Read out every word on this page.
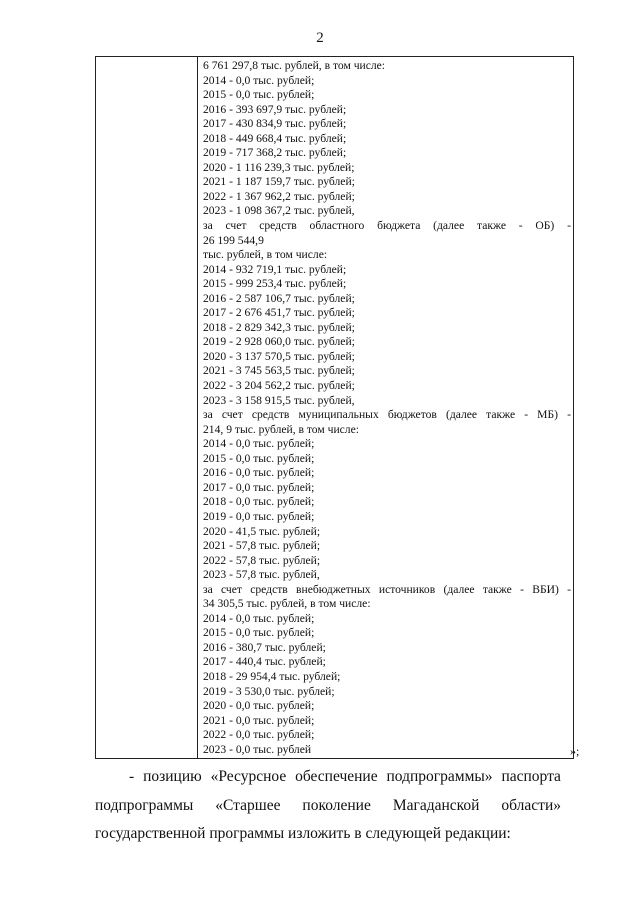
2
6 761 297,8 тыс. рублей, в том числе:
2014 - 0,0 тыс. рублей;
2015 - 0,0 тыс. рублей;
2016 - 393 697,9 тыс. рублей;
2017 - 430 834,9 тыс. рублей;
2018 - 449 668,4 тыс. рублей;
2019 - 717 368,2 тыс. рублей;
2020 - 1 116 239,3 тыс. рублей;
2021 - 1 187 159,7 тыс. рублей;
2022 - 1 367 962,2 тыс. рублей;
2023 - 1 098 367,2 тыс. рублей,
за счет средств областного бюджета (далее также - ОБ) -
26 199 544,9
тыс. рублей, в том числе:
2014 - 932 719,1 тыс. рублей;
2015 - 999 253,4 тыс. рублей;
2016 - 2 587 106,7 тыс. рублей;
2017 - 2 676 451,7 тыс. рублей;
2018 - 2 829 342,3 тыс. рублей;
2019 - 2 928 060,0 тыс. рублей;
2020 - 3 137 570,5 тыс. рублей;
2021 - 3 745 563,5 тыс. рублей;
2022 - 3 204 562,2 тыс. рублей;
2023 - 3 158 915,5 тыс. рублей,
за счет средств муниципальных бюджетов (далее также - МБ) -
214, 9 тыс. рублей, в том числе:
2014 - 0,0 тыс. рублей;
2015 - 0,0 тыс. рублей;
2016 - 0,0 тыс. рублей;
2017 - 0,0 тыс. рублей;
2018 - 0,0 тыс. рублей;
2019 - 0,0 тыс. рублей;
2020 - 41,5 тыс. рублей;
2021 - 57,8 тыс. рублей;
2022 - 57,8 тыс. рублей;
2023 - 57,8 тыс. рублей,
за счет средств внебюджетных источников (далее также - ВБИ) -
34 305,5 тыс. рублей, в том числе:
2014 - 0,0 тыс. рублей;
2015 - 0,0 тыс. рублей;
2016 - 380,7 тыс. рублей;
2017 - 440,4 тыс. рублей;
2018 - 29 954,4 тыс. рублей;
2019 - 3 530,0 тыс. рублей;
2020 - 0,0 тыс. рублей;
2021 - 0,0 тыс. рублей;
2022 - 0,0 тыс. рублей;
2023 - 0,0 тыс. рублей	»;
- позицию «Ресурсное обеспечение подпрограммы» паспорта
подпрограммы «Старшее поколение Магаданской области»
государственной программы изложить в следующей редакции:
